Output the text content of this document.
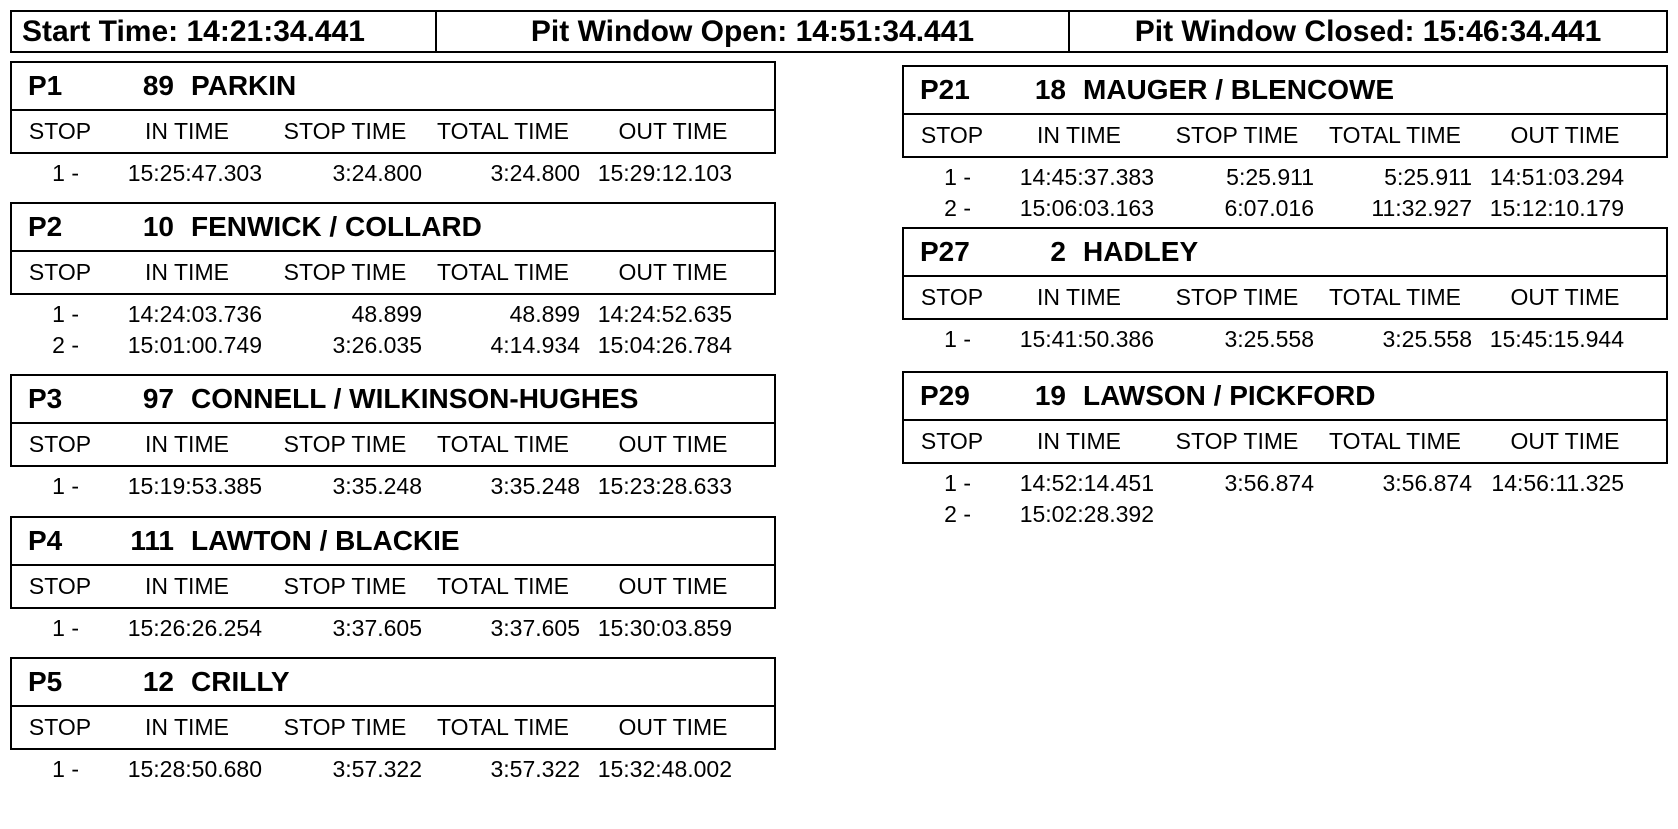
Start Time: 14:21:34.441	Pit Window Open: 14:51:34.441	Pit Window Closed: 15:46:34.441
P1	89 PARKIN
STOP	IN TIME	STOP TIME	TOTAL TIME	OUT TIME
1 -	15:25:47.303	3:24.800	3:24.800 15:29:12.103
P2	10 FENWICK / COLLARD
STOP	IN TIME	STOP TIME	TOTAL TIME	OUT TIME
1 -	14:24:03.736	48.899	48.899 14:24:52.635
2 -	15:01:00.749	3:26.035	4:14.934 15:04:26.784
P3	97 CONNELL / WILKINSON-HUGHES
STOP	IN TIME	STOP TIME	TOTAL TIME	OUT TIME
1 -	15:19:53.385	3:35.248	3:35.248 15:23:28.633
P4	111 LAWTON / BLACKIE
STOP	IN TIME	STOP TIME	TOTAL TIME	OUT TIME
1 -	15:26:26.254	3:37.605	3:37.605 15:30:03.859
P5	12 CRILLY
STOP	IN TIME	STOP TIME	TOTAL TIME	OUT TIME
1 -	15:28:50.680	3:57.322	3:57.322 15:32:48.002
P21	18 MAUGER / BLENCOWE
STOP	IN TIME	STOP TIME	TOTAL TIME	OUT TIME
1 -	14:45:37.383	5:25.911	5:25.911 14:51:03.294
2 -	15:06:03.163	6:07.016	11:32.927 15:12:10.179
P27	2 HADLEY
STOP	IN TIME	STOP TIME	TOTAL TIME	OUT TIME
1 -	15:41:50.386	3:25.558	3:25.558 15:45:15.944
P29	19 LAWSON / PICKFORD
STOP	IN TIME	STOP TIME	TOTAL TIME	OUT TIME
1 -	14:52:14.451	3:56.874	3:56.874 14:56:11.325
2 -	15:02:28.392
